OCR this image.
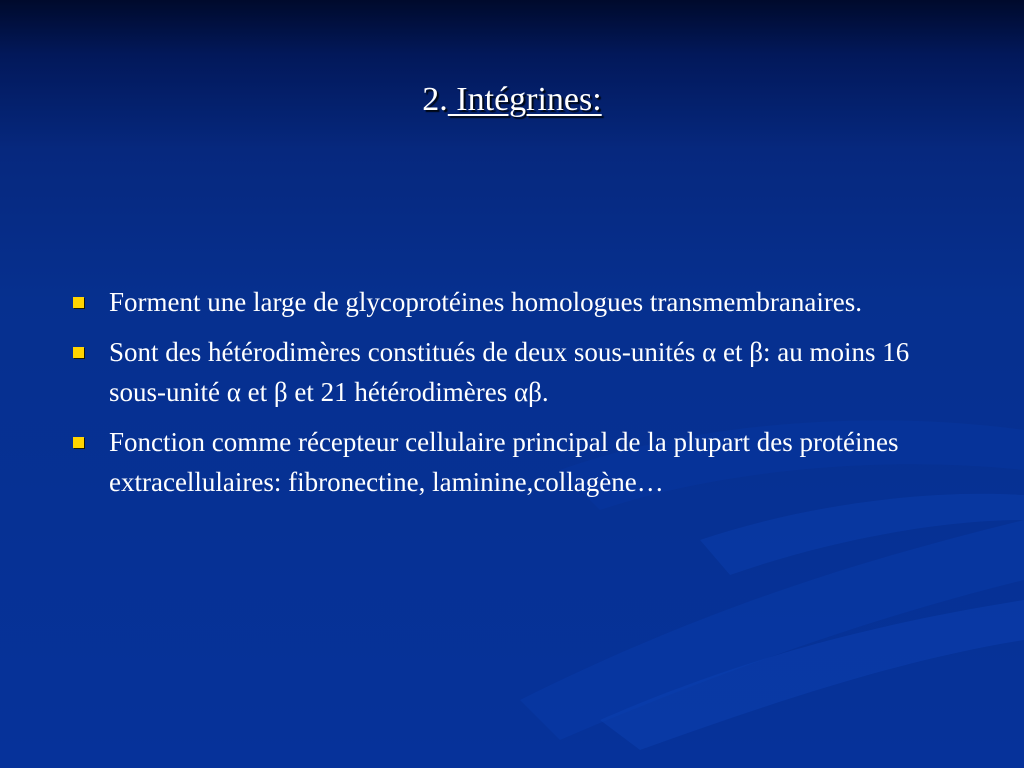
2. Intégrines:
Forment une large de glycoprotéines homologues transmembranaires.
Sont des hétérodimères constitués de deux sous-unités α et β: au moins 16 sous-unité α et β et 21 hétérodimères αβ.
Fonction comme récepteur cellulaire principal de la plupart des protéines extracellulaires: fibronectine, laminine,collagène…
